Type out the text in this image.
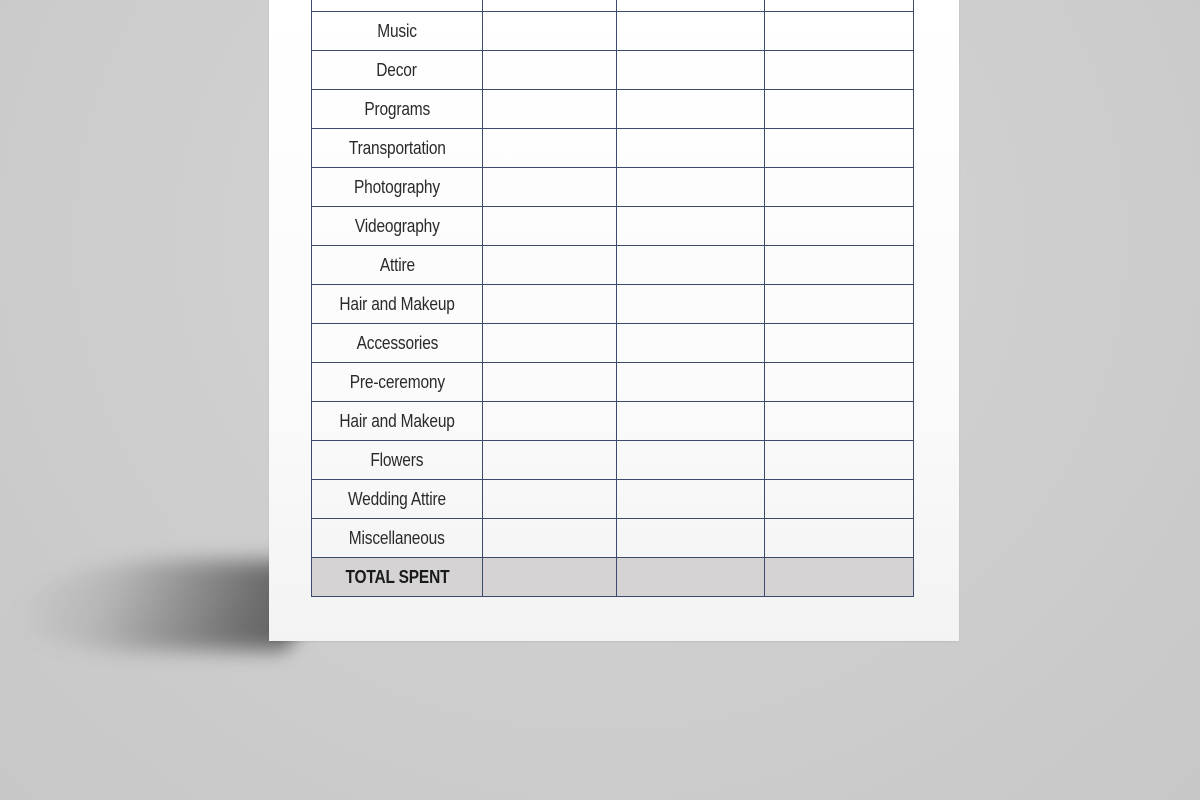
Music			
Decor			
Programs			
Transportation			
Photography			
Videography			
Attire			
Hair and Makeup			
Accessories			
Pre-ceremony			
Hair and Makeup			
Flowers			
Wedding Attire			
Miscellaneous			
TOTAL SPENT			
